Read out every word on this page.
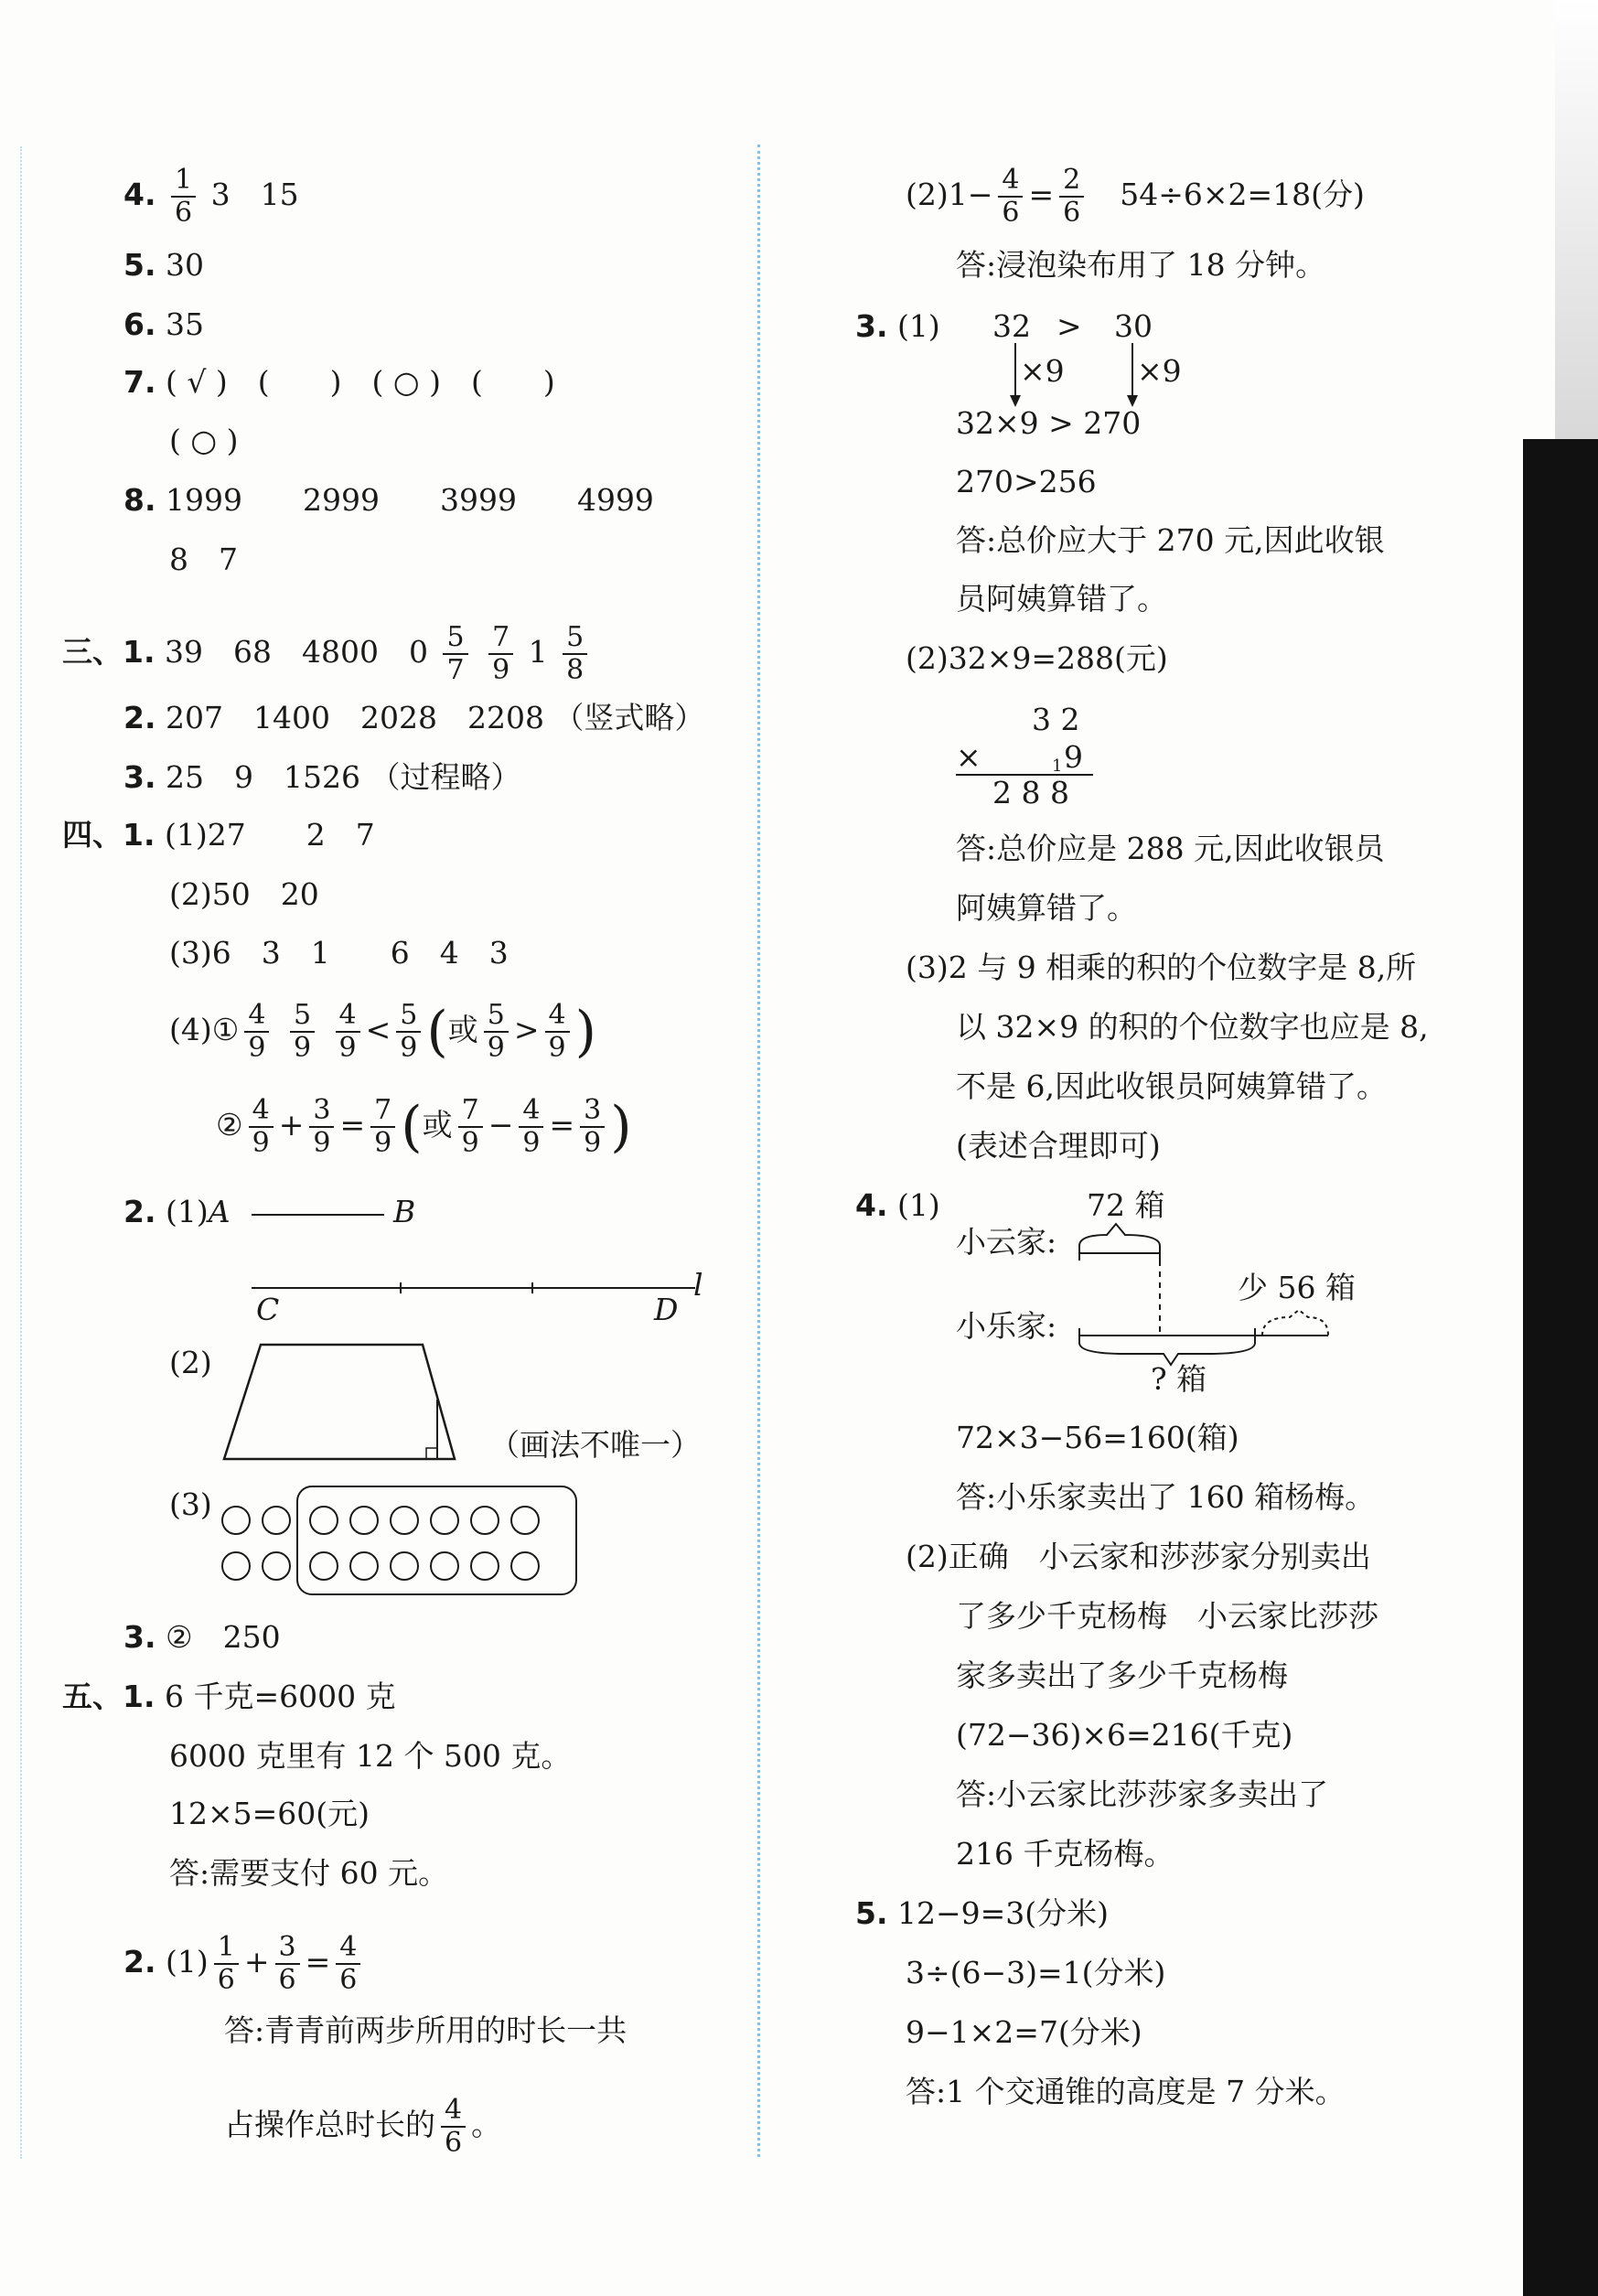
4. $\frac{1}{6} 3$　15
5. 30
6. 35
7. ( √ )　(　　)　( ○ )　(　　)
( ○ )
8. 1999　　2999　　3999　　4999
8　7
三、1. 39　68　4800　$0 \frac{5}{7}$
$\frac{7}{9} 1 \frac{5}{8}$
2. 207　1400　2028　2208 （竖式略）
3. 25　9　1526 （过程略）
四、1. (1)27　　2　7
(2)50　20
(3)6　3　1　　6　4　3
(4)① $\frac{4}{9}$
$\frac{5}{9}$
$\frac{4}{9} < \frac{5}{9}$ (或 $\frac{5}{9} > \frac{4}{9}$ )
② $\frac{4}{9} + \frac{3}{9} = \frac{7}{9}$ (或 $\frac{7}{9} - \frac{4}{9} = \frac{3}{9}$ )
2. (1)A	B
C	D
l
(2)
（画法不唯一）
(3)
3. ②　250
五、1. 6 千克=6000 克
6000 克里有 12 个 500 克。
12×5=60(元)
答:需要支付 60 元。
2. $(1) \frac{1}{6} + \frac{3}{6} = \frac{4}{6}$
答:青青前两步所用的时长一共
占操作总时长的 $\frac{4}{6}$ 。
$(2)1- \frac{4}{6} = \frac{2}{6}$
　 54÷6×2=18(分)
答:浸泡染布用了 18 分钟。
3. (1) 32 > 30
×9 ×9
32×9 > 270
270>256
答:总价应大于 270 元,因此收银
员阿姨算错了。
(2)32×9=288(元)
3 2
×	1 9
2 8 8
答:总价应是 288 元,因此收银员
阿姨算错了。
(3)2 与 9 相乘的积的个位数字是 8,所
以 32×9 的积的个位数字也应是 8,
不是 6,因此收银员阿姨算错了。
(表述合理即可)
4. (1)	72 箱
小云家:
少 56 箱
小乐家:
? 箱
72×3−56=160(箱)
答:小乐家卖出了 160 箱杨梅。
(2)正确　小云家和莎莎家分别卖出
了多少千克杨梅　小云家比莎莎
家多卖出了多少千克杨梅
(72−36)×6=216(千克)
答:小云家比莎莎家多卖出了
216 千克杨梅。
5. 12−9=3(分米)
3÷(6−3)=1(分米)
9−1×2=7(分米)
答:1 个交通锥的高度是 7 分米。
